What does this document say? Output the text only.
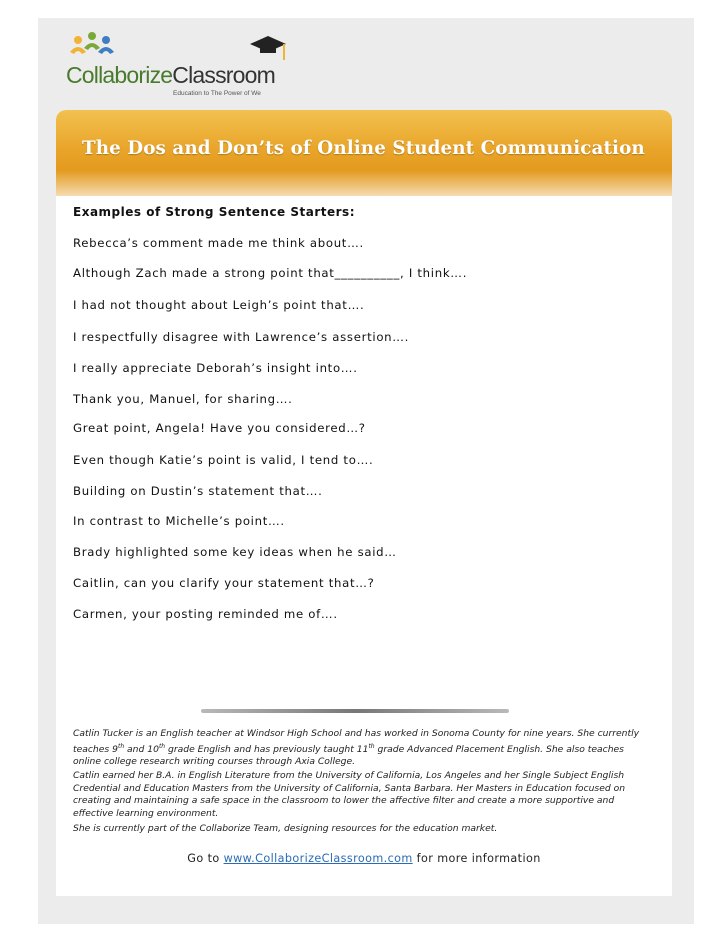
CollaborizeClassroom
Education to The Power of We
The Dos and Don’ts of Online Student Communication
Examples of Strong Sentence Starters:
Rebecca’s comment made me think about….
Although Zach made a strong point that__________, I think….
I had not thought about Leigh’s point that….
I respectfully disagree with Lawrence’s assertion….
I really appreciate Deborah’s insight into….
Thank you, Manuel, for sharing….
Great point, Angela! Have you considered…?
Even though Katie’s point is valid, I tend to….
Building on Dustin’s statement that….
In contrast to Michelle’s point….
Brady highlighted some key ideas when he said…
Caitlin, can you clarify your statement that…?
Carmen, your posting reminded me of….
Catlin Tucker is an English teacher at Windsor High School and has worked in Sonoma County for nine years. She currently teaches 9th and 10th grade English and has previously taught 11th grade Advanced Placement English. She also teaches online college research writing courses through Axia College.
Catlin earned her B.A. in English Literature from the University of California, Los Angeles and her Single Subject English Credential and Education Masters from the University of California, Santa Barbara. Her Masters in Education focused on creating and maintaining a safe space in the classroom to lower the affective filter and create a more supportive and effective learning environment.
She is currently part of the Collaborize Team, designing resources for the education market.
Go to www.CollaborizeClassroom.com for more information
